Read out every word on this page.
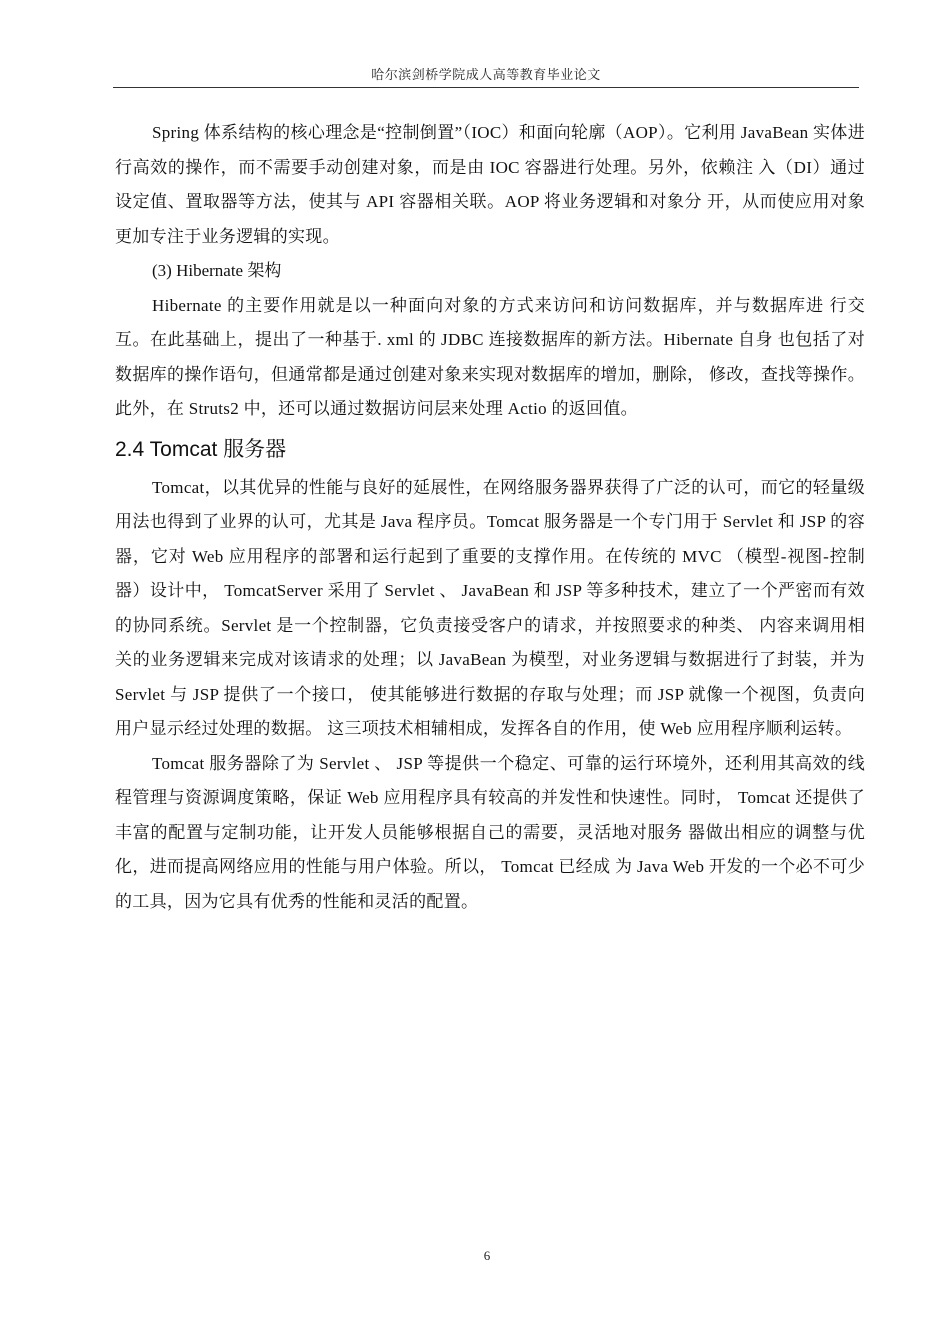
哈尔滨剑桥学院成人高等教育毕业论文

Spring 体系结构的核心理念是“控制倒置”（IOC）和面向轮廓（AOP）。它利用 JavaBean 实体进行高效的操作，而不需要手动创建对象，而是由 IOC 容器进行处理。另外，依赖注 入（DI）通过设定值、置取器等方法，使其与 API 容器相关联。AOP 将业务逻辑和对象分 开，从而使应用对象更加专注于业务逻辑的实现。

(3) Hibernate 架构

Hibernate 的主要作用就是以一种面向对象的方式来访问和访问数据库，并与数据库进 行交互。在此基础上，提出了一种基于. xml 的 JDBC 连接数据库的新方法。Hibernate 自身 也包括了对数据库的操作语句，但通常都是通过创建对象来实现对数据库的增加，删除， 修改，查找等操作。此外，在 Struts2 中，还可以通过数据访问层来处理 Actio 的返回值。

2.4 Tomcat 服务器

Tomcat，以其优异的性能与良好的延展性，在网络服务器界获得了广泛的认可，而它的轻量级用法也得到了业界的认可，尤其是 Java 程序员。Tomcat 服务器是一个专门用于 Servlet 和 JSP 的容器，它对 Web 应用程序的部署和运行起到了重要的支撑作用。在传统的 MVC （模型-视图-控制器）设计中， TomcatServer 采用了 Servlet 、 JavaBean 和 JSP 等多种技术，建立了一个严密而有效的协同系统。Servlet 是一个控制器，它负责接受客户的请求，并按照要求的种类、 内容来调用相关的业务逻辑来完成对该请求的处理；以 JavaBean 为模型，对业务逻辑与数据进行了封装，并为 Servlet 与 JSP 提供了一个接口， 使其能够进行数据的存取与处理；而 JSP 就像一个视图，负责向用户显示经过处理的数据。 这三项技术相辅相成，发挥各自的作用，使 Web 应用程序顺利运转。

Tomcat 服务器除了为 Servlet 、 JSP 等提供一个稳定、可靠的运行环境外，还利用其高效的线程管理与资源调度策略，保证 Web 应用程序具有较高的并发性和快速性。同时， Tomcat 还提供了丰富的配置与定制功能，让开发人员能够根据自己的需要，灵活地对服务 器做出相应的调整与优化，进而提高网络应用的性能与用户体验。所以， Tomcat 已经成 为 Java Web 开发的一个必不可少的工具，因为它具有优秀的性能和灵活的配置。

6
